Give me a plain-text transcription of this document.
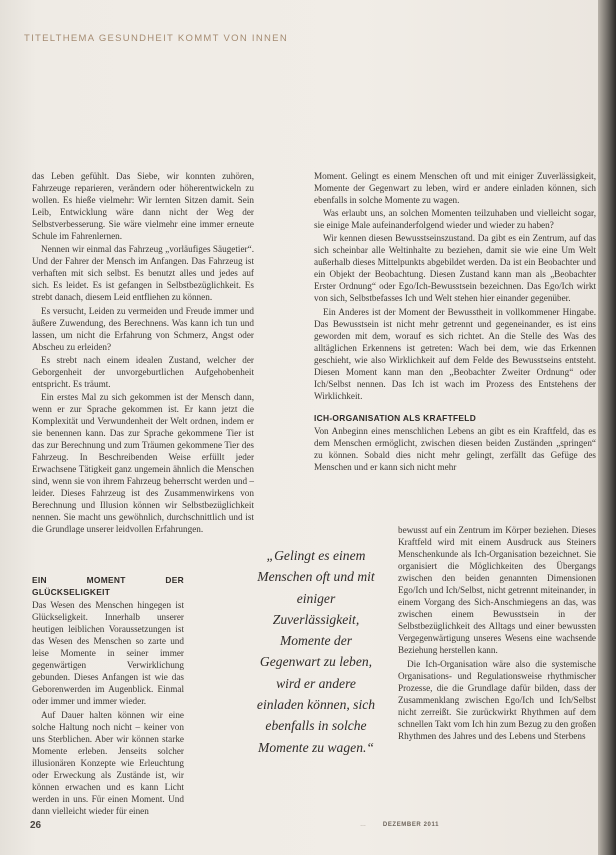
TITELTHEMA GESUNDHEIT KOMMT VON INNEN

das Leben gefühlt. Das Siebe, wir konnten zuhören, Fahrzeuge reparieren, verändern oder höherentwickeln zu wollen. Es hieße vielmehr: Wir lernten Sitzen damit. Sein Leib, Entwicklung wäre dann nicht der Weg der Selbstverbesserung. Sie wäre vielmehr eine immer erneute Schule im Fahrenlernen.

Nennen wir einmal das Fahrzeug „vorläufiges Säugetier“. Und der Fahrer der Mensch im Anfangen. Das Fahrzeug ist verhaften mit sich selbst. Es benutzt alles und jedes auf sich. Es leidet. Es ist gefangen in Selbstbezüglichkeit. Es strebt danach, diesem Leid entfliehen zu können.

Es versucht, Leiden zu vermeiden und Freude immer und äußere Zuwendung, des Berechnens. Was kann ich tun und lassen, um nicht die Erfahrung von Schmerz, Angst oder Abscheu zu erleiden?

Es strebt nach einem idealen Zustand, welcher der Geborgenheit der unvorgeburtlichen Aufgehobenheit entspricht. Es träumt.

Ein erstes Mal zu sich gekommen ist der Mensch dann, wenn er zur Sprache gekommen ist. Er kann jetzt die Komplexität und Verwundenheit der Welt ordnen, indem er sie benennen kann. Das zur Sprache gekommene Tier ist das zur Berechnung und zum Träumen gekommene Tier des Fahrzeug. In Beschreibenden Weise erfüllt jeder Erwachsene Tätigkeit ganz ungemein ähnlich die Menschen sind, wenn sie von ihrem Fahrzeug beherrscht werden und – leider. Dieses Fahrzeug ist des Zusammenwirkens von Berechnung und Illusion können wir Selbstbezüglichkeit nennen. Sie macht uns gewöhnlich, durchschnittlich und ist die Grundlage unserer leidvollen Erfahrungen.

EIN MOMENT DER GLÜCKSELIGKEIT

Das Wesen des Menschen hingegen ist Glückseligkeit. Innerhalb unserer heutigen leiblichen Voraussetzungen ist das Wesen des Menschen so zarte und leise Momente in seiner immer gegenwärtigen Verwirklichung gebunden. Dieses Anfangen ist wie das Geborenwerden im Augenblick. Einmal oder immer und immer wieder.

Auf Dauer halten können wir eine solche Haltung noch nicht – keiner von uns Sterblichen. Aber wir können starke Momente erleben. Jenseits solcher illusionären Konzepte wie Erleuchtung oder Erweckung als Zustände ist, wir können erwachen und es kann Licht werden in uns. Für einen Moment. Und dann vielleicht wieder für einen

„Gelingt es einem Menschen oft und mit einiger Zuverlässigkeit, Momente der Gegenwart zu leben, wird er andere einladen können, sich ebenfalls in solche Momente zu wagen.“

Moment. Gelingt es einem Menschen oft und mit einiger Zuverlässigkeit, Momente der Gegenwart zu leben, wird er andere einladen können, sich ebenfalls in solche Momente zu wagen.

Was erlaubt uns, an solchen Momenten teilzuhaben und vielleicht sogar, sie einige Male aufeinanderfolgend wieder und wieder zu haben?

Wir kennen diesen Bewusstseinszustand. Da gibt es ein Zentrum, auf das sich scheinbar alle Weltinhalte zu beziehen, damit sie wie eine Um Welt außerhalb dieses Mittelpunkts abgebildet werden. Da ist ein Beobachter und ein Objekt der Beobachtung. Diesen Zustand kann man als „Beobachter Erster Ordnung“ oder Ego/Ich-Bewusstsein bezeichnen. Das Ego/Ich wirkt von sich, Selbstbefasses Ich und Welt stehen hier einander gegenüber.

Ein Anderes ist der Moment der Bewusstheit in vollkommener Hingabe. Das Bewusstsein ist nicht mehr getrennt und gegeneinander, es ist eins geworden mit dem, worauf es sich richtet. An die Stelle des Was des alltäglichen Erkennens ist getreten: Wach bei dem, wie das Erkennen geschieht, wie also Wirklichkeit auf dem Felde des Bewusstseins entsteht. Diesen Moment kann man den „Beobachter Zweiter Ordnung“ oder Ich/Selbst nennen. Das Ich ist wach im Prozess des Entstehens der Wirklichkeit.

ICH-ORGANISATION ALS KRAFTFELD

Von Anbeginn eines menschlichen Lebens an gibt es ein Kraftfeld, das es dem Menschen ermöglicht, zwischen diesen beiden Zuständen „springen“ zu können. Sobald dies nicht mehr gelingt, zerfällt das Gefüge des Menschen und er kann sich nicht mehr

bewusst auf ein Zentrum im Körper beziehen. Dieses Kraftfeld wird mit einem Ausdruck aus Steiners Menschenkunde als Ich-Organisation bezeichnet. Sie organisiert die Möglichkeiten des Übergangs zwischen den beiden genannten Dimensionen Ego/Ich und Ich/Selbst, nicht getrennt miteinander, in einem Vorgang des Sich-Anschmiegens an das, was zwischen einem Bewusstsein in der Selbstbezüglichkeit des Alltags und einer bewussten Vergegenwärtigung unseres Wesens eine wachsende Beziehung herstellen kann.

Die Ich-Organisation wäre also die systemische Organisations- und Regulationsweise rhythmischer Prozesse, die die Grundlage dafür bilden, dass der Zusammenklang zwischen Ego/Ich und Ich/Selbst nicht zerreißt. Sie zurückwirkt Rhythmen auf dem schnellen Takt vom Ich hin zum Bezug zu den großen Rhythmen des Jahres und des Lebens und Sterbens

26	…	DEZEMBER 2011
